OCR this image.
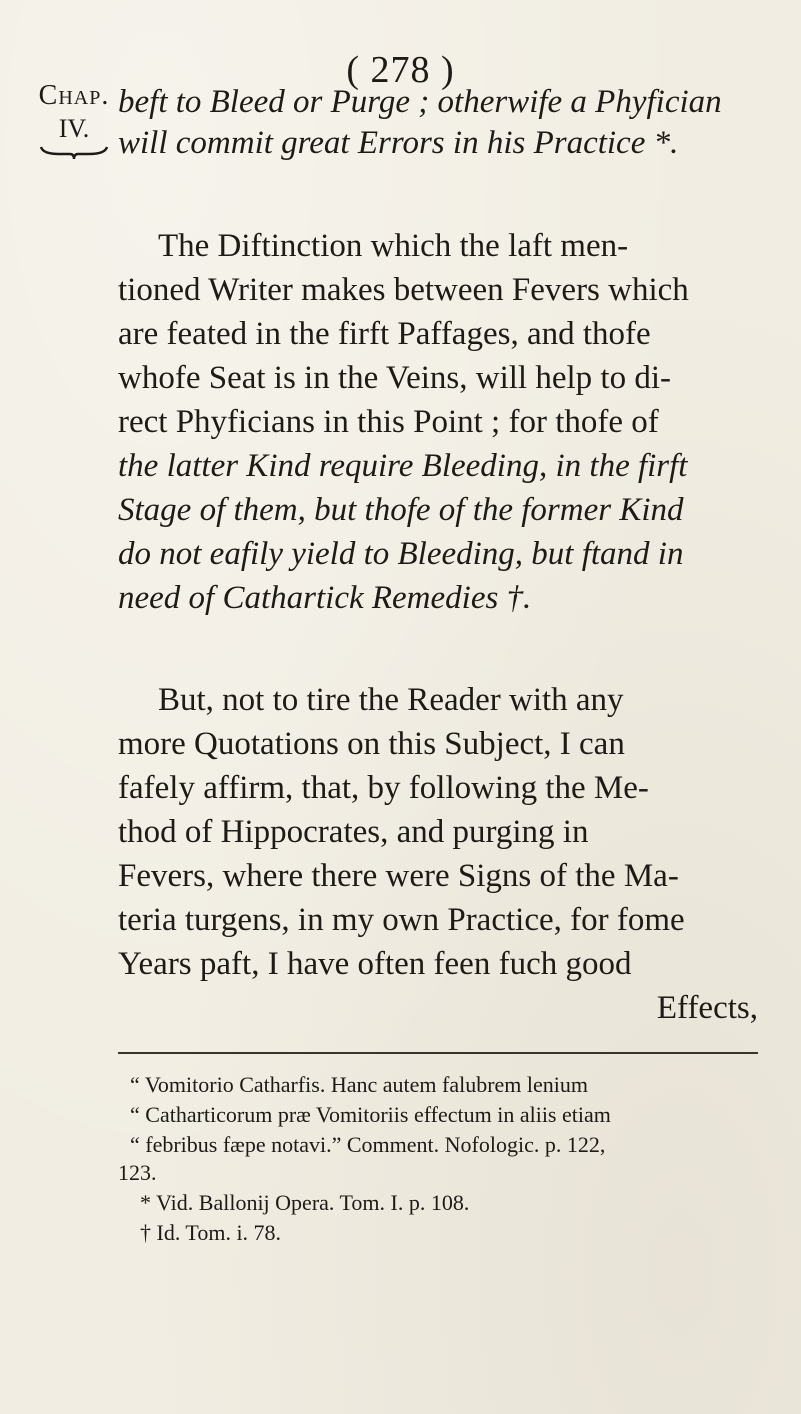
( 278 )
Chap.
IV.
beft to Bleed or Purge ; otherwife a Phyfician
will commit great Errors in his Practice *.
The Diftinction which the laft men-
tioned Writer makes between Fevers which
are feated in the firft Paffages, and thofe
whofe Seat is in the Veins, will help to di-
rect Phyficians in this Point ; for thofe of
the latter Kind require Bleeding, in the firft
Stage of them, but thofe of the former Kind
do not eafily yield to Bleeding, but ftand in
need of Cathartick Remedies †.
But, not to tire the Reader with any
more Quotations on this Subject, I can
fafely affirm, that, by following the Me-
thod of Hippocrates, and purging in
Fevers, where there were Signs of the Ma-
teria turgens, in my own Practice, for fome
Years paft, I have often feen fuch good
Effects,
“ Vomitorio Catharfis. Hanc autem falubrem lenium
“ Catharticorum præ Vomitoriis effectum in aliis etiam
“ febribus fæpe notavi.” Comment. Nofologic. p. 122,
123.
* Vid. Ballonij Opera. Tom. I. p. 108.
† Id. Tom. i. 78.
